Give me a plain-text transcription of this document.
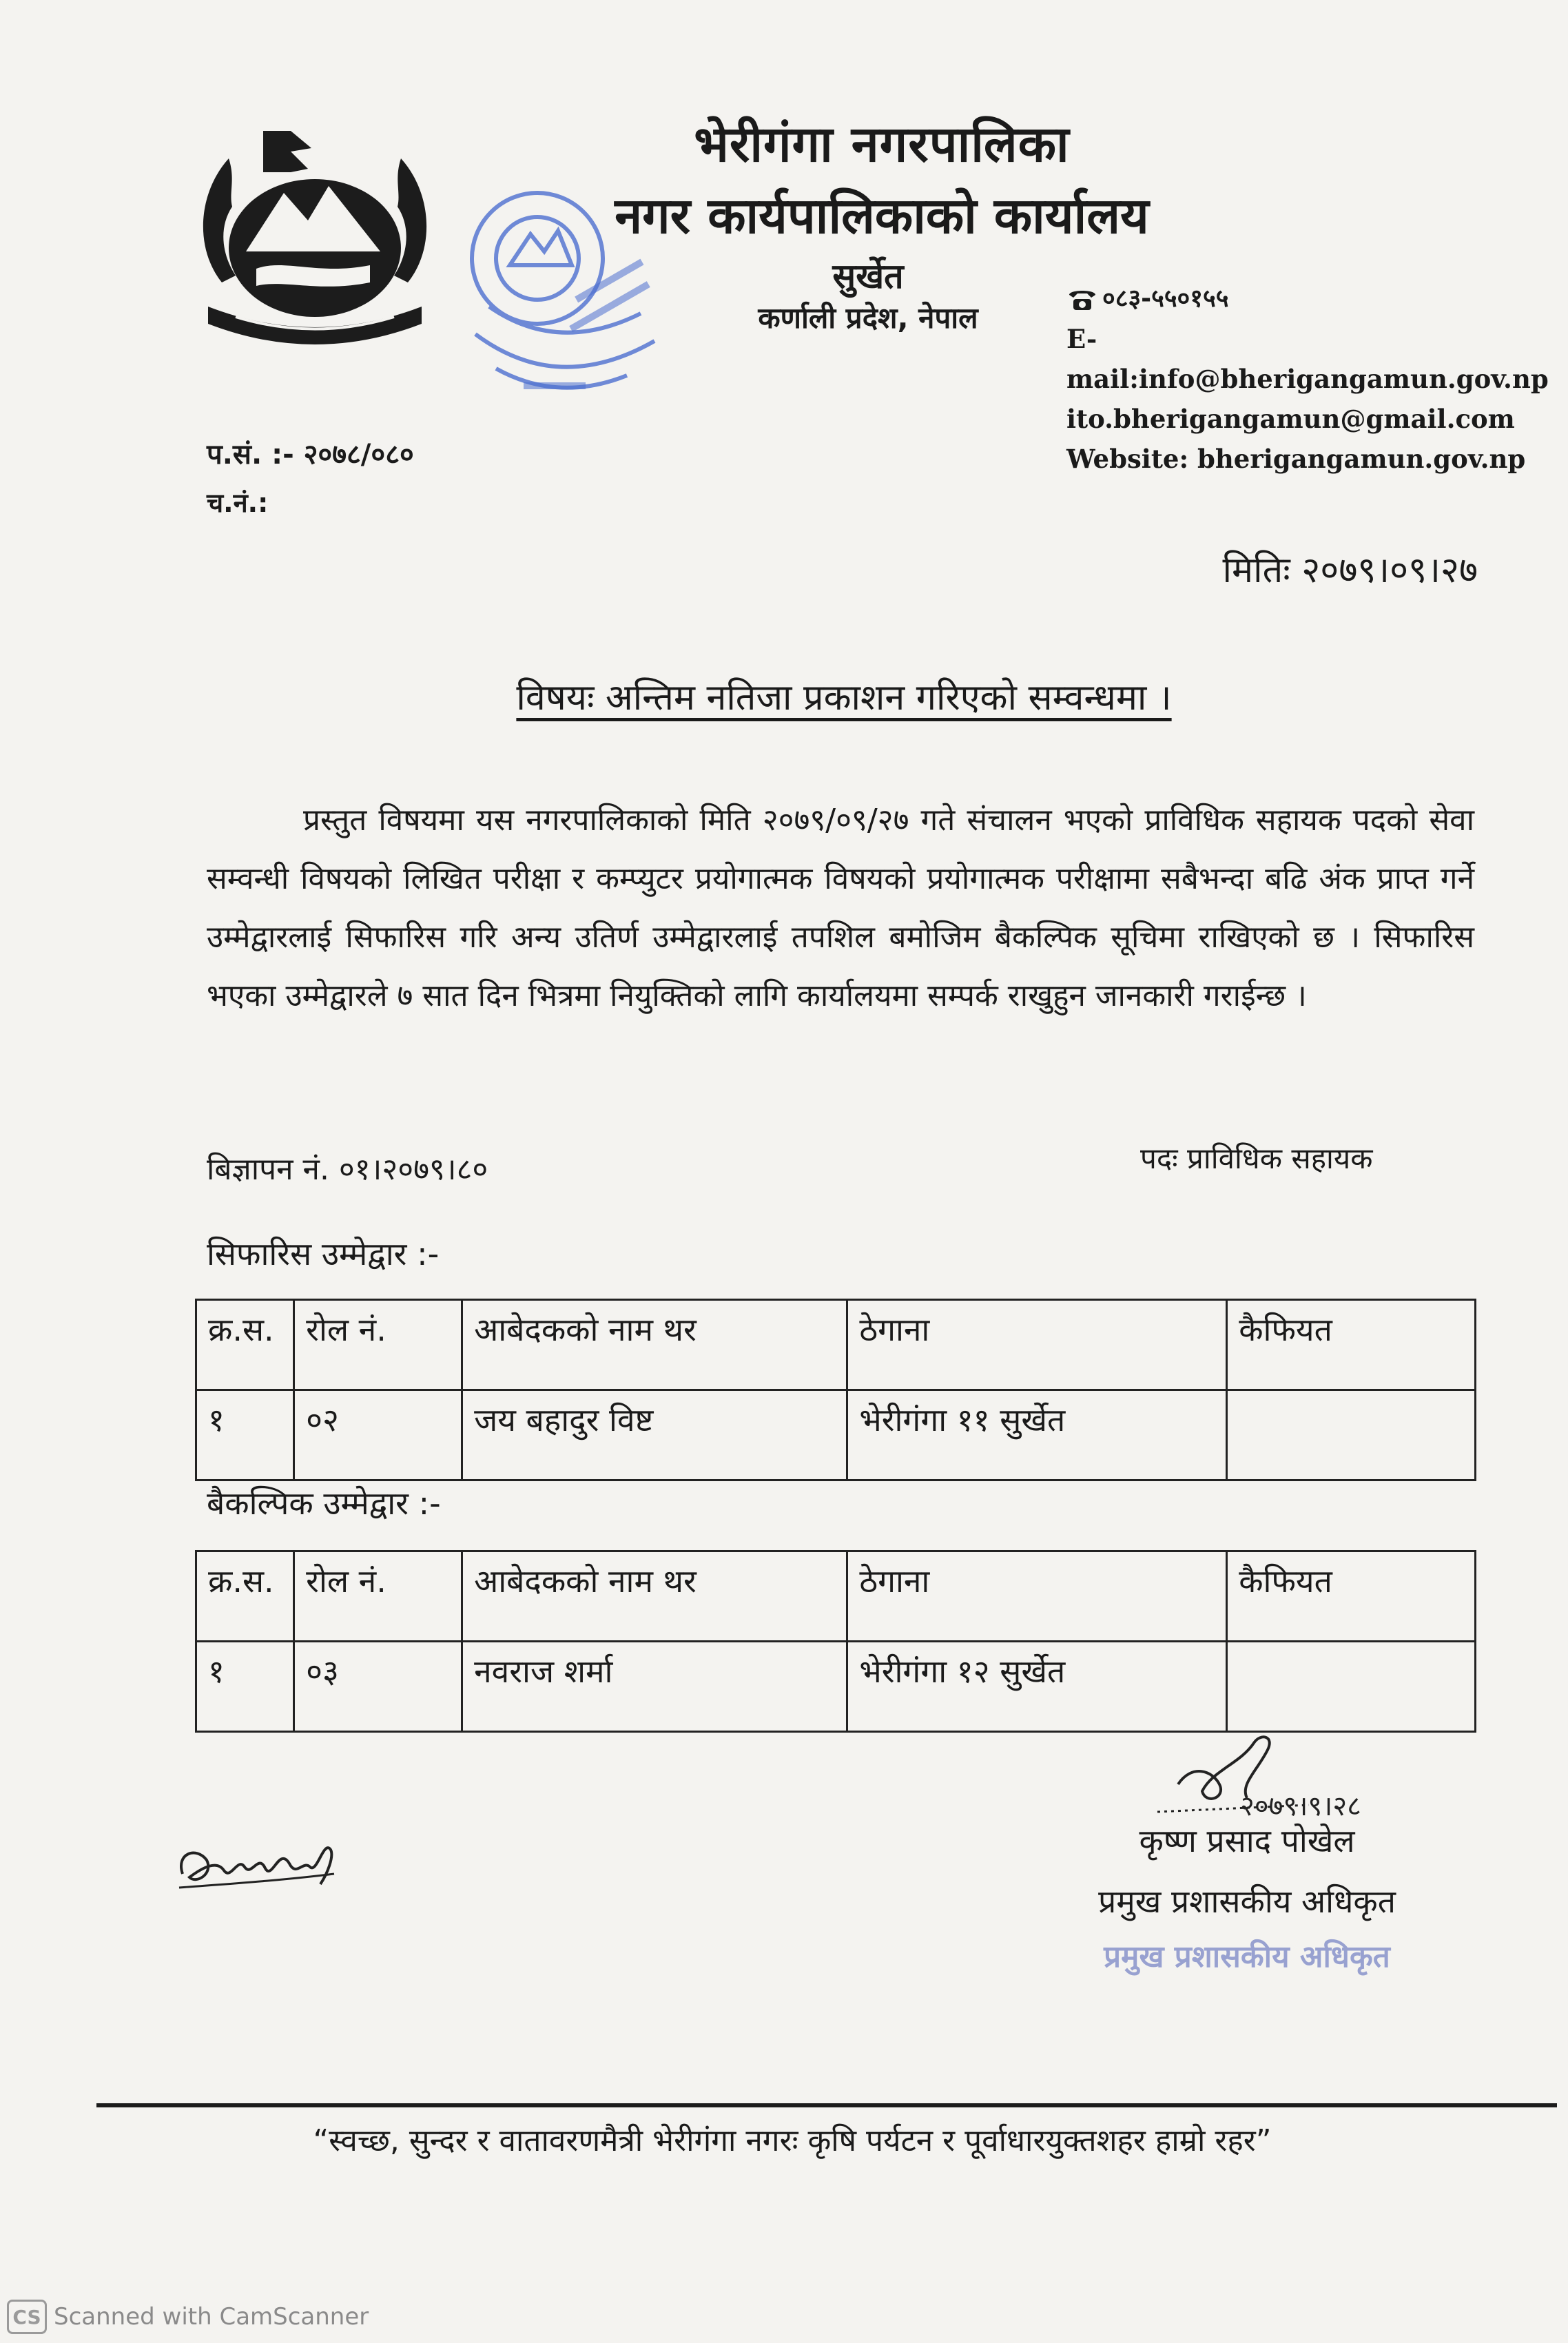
भेरीगंगा नगरपालिका
नगर कार्यपालिकाको कार्यालय
सुर्खेत
कर्णाली प्रदेश, नेपाल
०८३-५५०१५५
E-mail:info@bherigangamun.gov.np
ito.bherigangamun@gmail.com
Website: bherigangamun.gov.np
प.सं. :- २०७८/०८०
च.नं.:
मितिः २०७९।०९।२७
विषयः अन्तिम नतिजा प्रकाशन गरिएको सम्वन्धमा ।
प्रस्तुत विषयमा यस नगरपालिकाको मिति २०७९/०९/२७ गते संचालन भएको प्राविधिक सहायक पदको सेवा सम्वन्धी विषयको लिखित परीक्षा र कम्प्युटर प्रयोगात्मक विषयको प्रयोगात्मक परीक्षामा सबैभन्दा बढि अंक प्राप्त गर्ने उम्मेद्वारलाई सिफारिस गरि अन्य उतिर्ण उम्मेद्वारलाई तपशिल बमोजिम बैकल्पिक सूचिमा राखिएको छ । सिफारिस भएका उम्मेद्वारले ७ सात दिन भित्रमा नियुक्तिको लागि कार्यालयमा सम्पर्क राखुहुन जानकारी गराईन्छ ।
बिज्ञापन नं. ०१।२०७९।८०	पदः प्राविधिक सहायक
सिफारिस उम्मेद्वार :-
क्र.स.	रोल नं.	आबेदकको नाम थर	ठेगाना	कैफियत
१	०२	जय बहादुर विष्ट	भेरीगंगा ११ सुर्खेत	
बैकल्पिक उम्मेद्वार :-
क्र.स.	रोल नं.	आबेदकको नाम थर	ठेगाना	कैफियत
१	०३	नवराज शर्मा	भेरीगंगा १२ सुर्खेत	
२०७९।९।२८
कृष्ण प्रसाद पोखेल
प्रमुख प्रशासकीय अधिकृत
प्रमुख प्रशासकीय अधिकृत
“स्वच्छ, सुन्दर र वातावरणमैत्री भेरीगंगा नगरः कृषि पर्यटन र पूर्वाधारयुक्तशहर हाम्रो रहर”
CS Scanned with CamScanner
